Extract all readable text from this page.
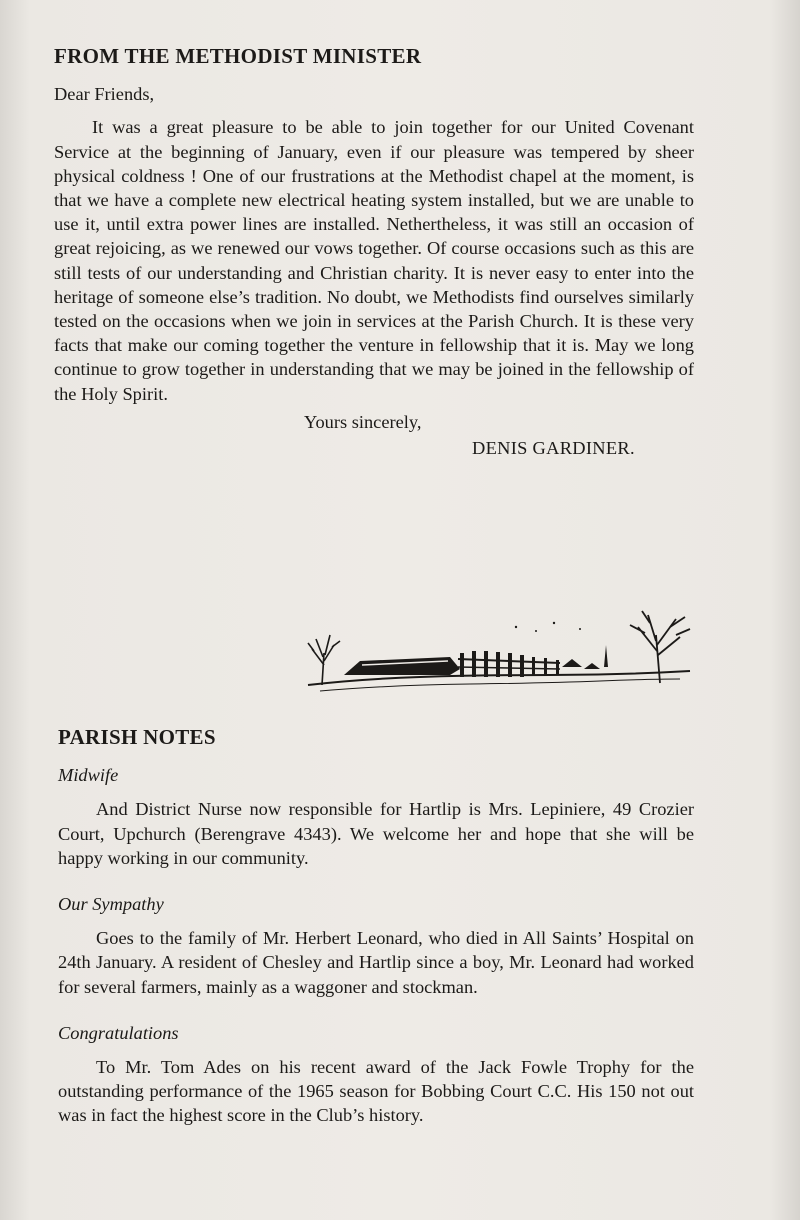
FROM THE METHODIST MINISTER
Dear Friends,

It was a great pleasure to be able to join together for our United Covenant Service at the beginning of January, even if our pleasure was tempered by sheer physical coldness ! One of our frustrations at the Methodist chapel at the moment, is that we have a complete new electrical heating system installed, but we are unable to use it, until extra power lines are installed. Nethertheless, it was still an occasion of great rejoicing, as we renewed our vows together. Of course occasions such as this are still tests of our understanding and Christian charity. It is never easy to enter into the heritage of someone else’s tradition. No doubt, we Methodists find ourselves similarly tested on the occasions when we join in services at the Parish Church. It is these very facts that make our coming together the venture in fellowship that it is. May we long continue to grow together in understanding that we may be joined in the fellowship of the Holy Spirit.

Yours sincerely,
DENIS GARDINER.
PARISH NOTES
Midwife

And District Nurse now responsible for Hartlip is Mrs. Lepiniere, 49 Crozier Court, Upchurch (Berengrave 4343). We welcome her and hope that she will be happy working in our community.

Our Sympathy

Goes to the family of Mr. Herbert Leonard, who died in All Saints’ Hospital on 24th January. A resident of Chesley and Hartlip since a boy, Mr. Leonard had worked for several farmers, mainly as a waggoner and stockman.

Congratulations

To Mr. Tom Ades on his recent award of the Jack Fowle Trophy for the outstanding performance of the 1965 season for Bobbing Court C.C. His 150 not out was in fact the highest score in the Club’s history.
